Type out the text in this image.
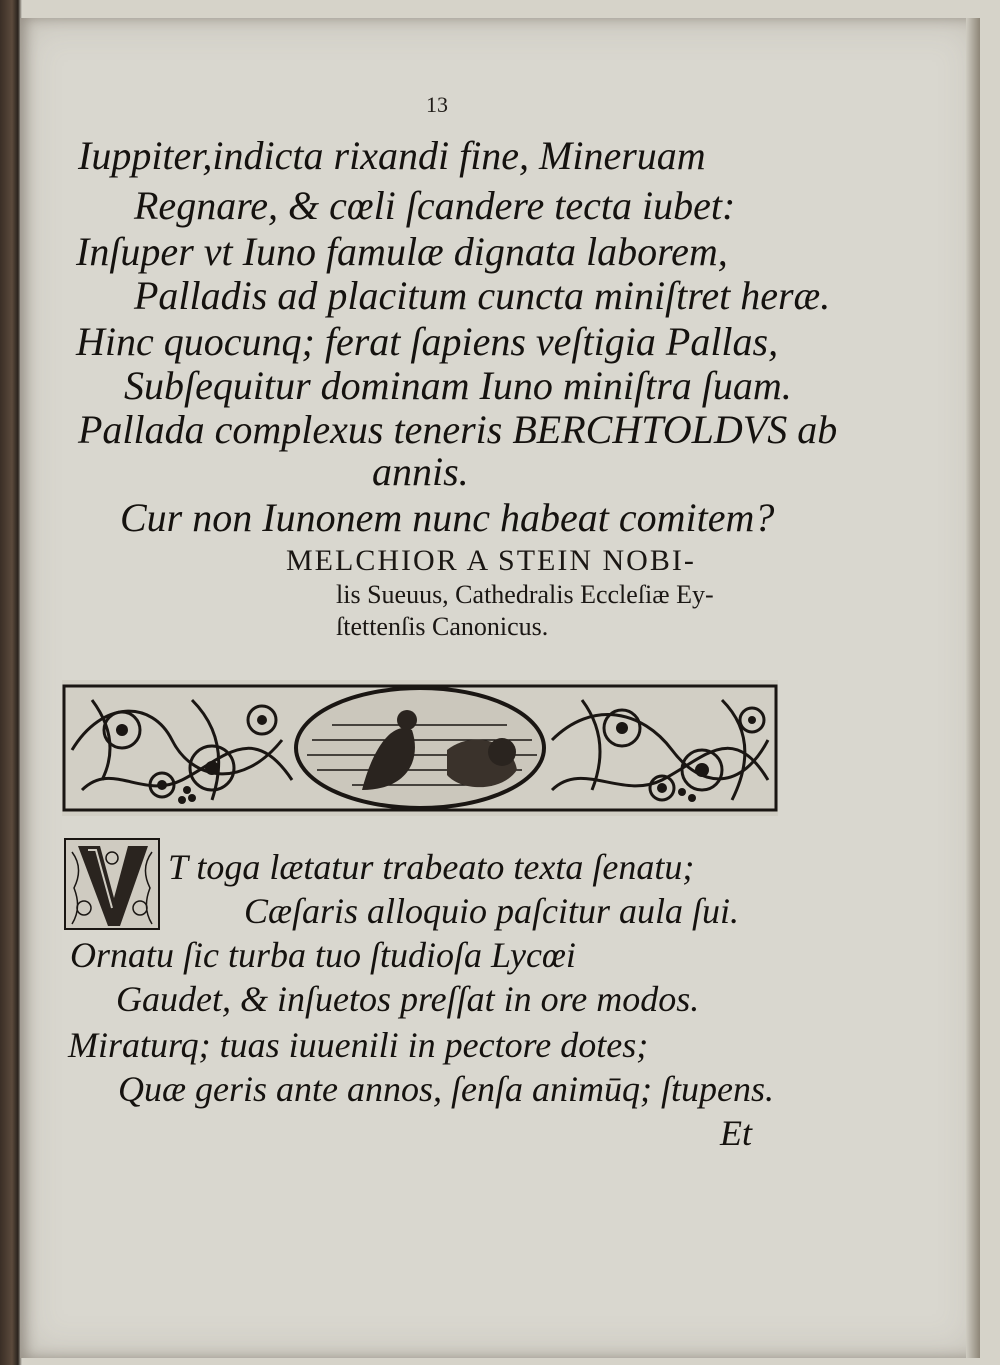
13
Iuppiter,indicta rixandi fine, Mineruam
Regnare, & cœli ſcandere tecta iubet:
Inſuper vt Iuno famulæ dignata laborem,
Palladis ad placitum cuncta miniſtret heræ.
Hinc quocunq; ferat ſapiens veſtigia Pallas,
Subſequitur dominam Iuno miniſtra ſuam.
Pallada complexus teneris BERCHTOLDVS ab
annis.
Cur non Iunonem nunc habeat comitem?
MELCHIOR A STEIN NOBI-
lis Sueuus, Cathedralis Eccleſiæ Ey-
ſtettenſis Canonicus.
V
T toga lætatur trabeato texta ſenatu;
Cæſaris alloquio paſcitur aula ſui.
Ornatu ſic turba tuo ſtudioſa Lycœi
Gaudet, & inſuetos preſſat in ore modos.
Miraturq; tuas iuuenili in pectore dotes;
Quæ geris ante annos, ſenſa animūq; ſtupens.
Et
